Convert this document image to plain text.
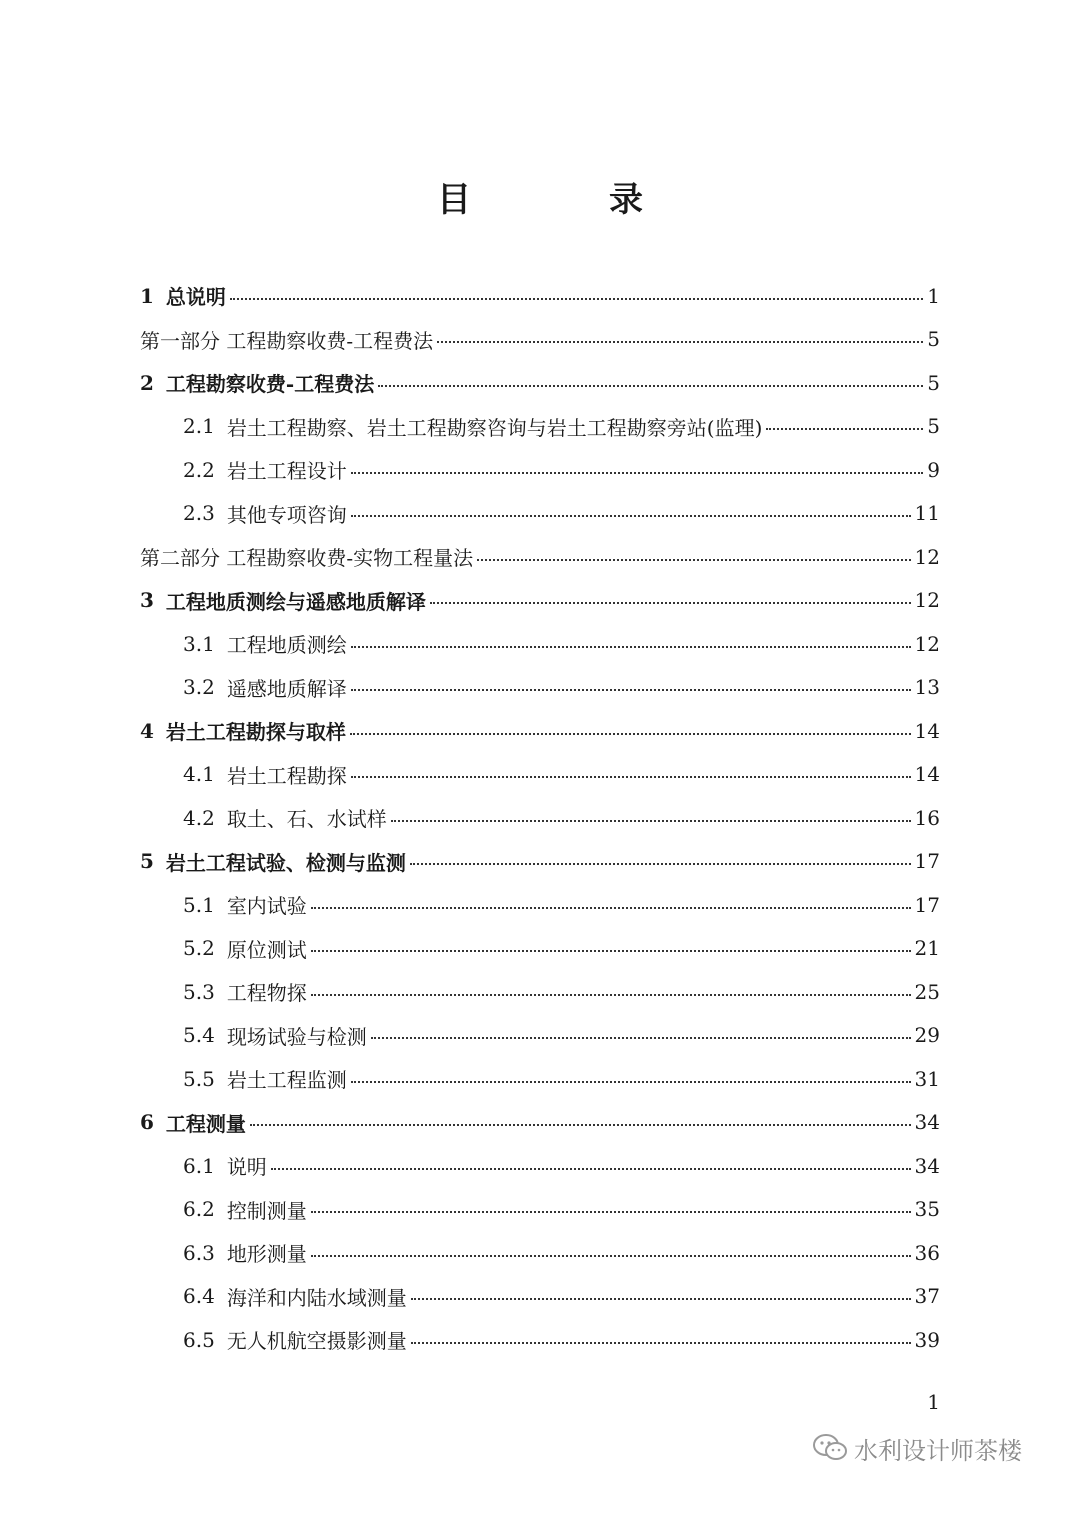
目　录
1 总说明	1
第一部分 工程勘察收费-工程费法	5
2 工程勘察收费-工程费法	5
2.1 岩土工程勘察、岩土工程勘察咨询与岩土工程勘察旁站(监理)	5
2.2 岩土工程设计	9
2.3 其他专项咨询	11
第二部分 工程勘察收费-实物工程量法	12
3 工程地质测绘与遥感地质解译	12
3.1 工程地质测绘	12
3.2 遥感地质解译	13
4 岩土工程勘探与取样	14
4.1 岩土工程勘探	14
4.2 取土、石、水试样	16
5 岩土工程试验、检测与监测	17
5.1 室内试验	17
5.2 原位测试	21
5.3 工程物探	25
5.4 现场试验与检测	29
5.5 岩土工程监测	31
6 工程测量	34
6.1 说明	34
6.2 控制测量	35
6.3 地形测量	36
6.4 海洋和内陆水域测量	37
6.5 无人机航空摄影测量	39
1
水利设计师茶楼
